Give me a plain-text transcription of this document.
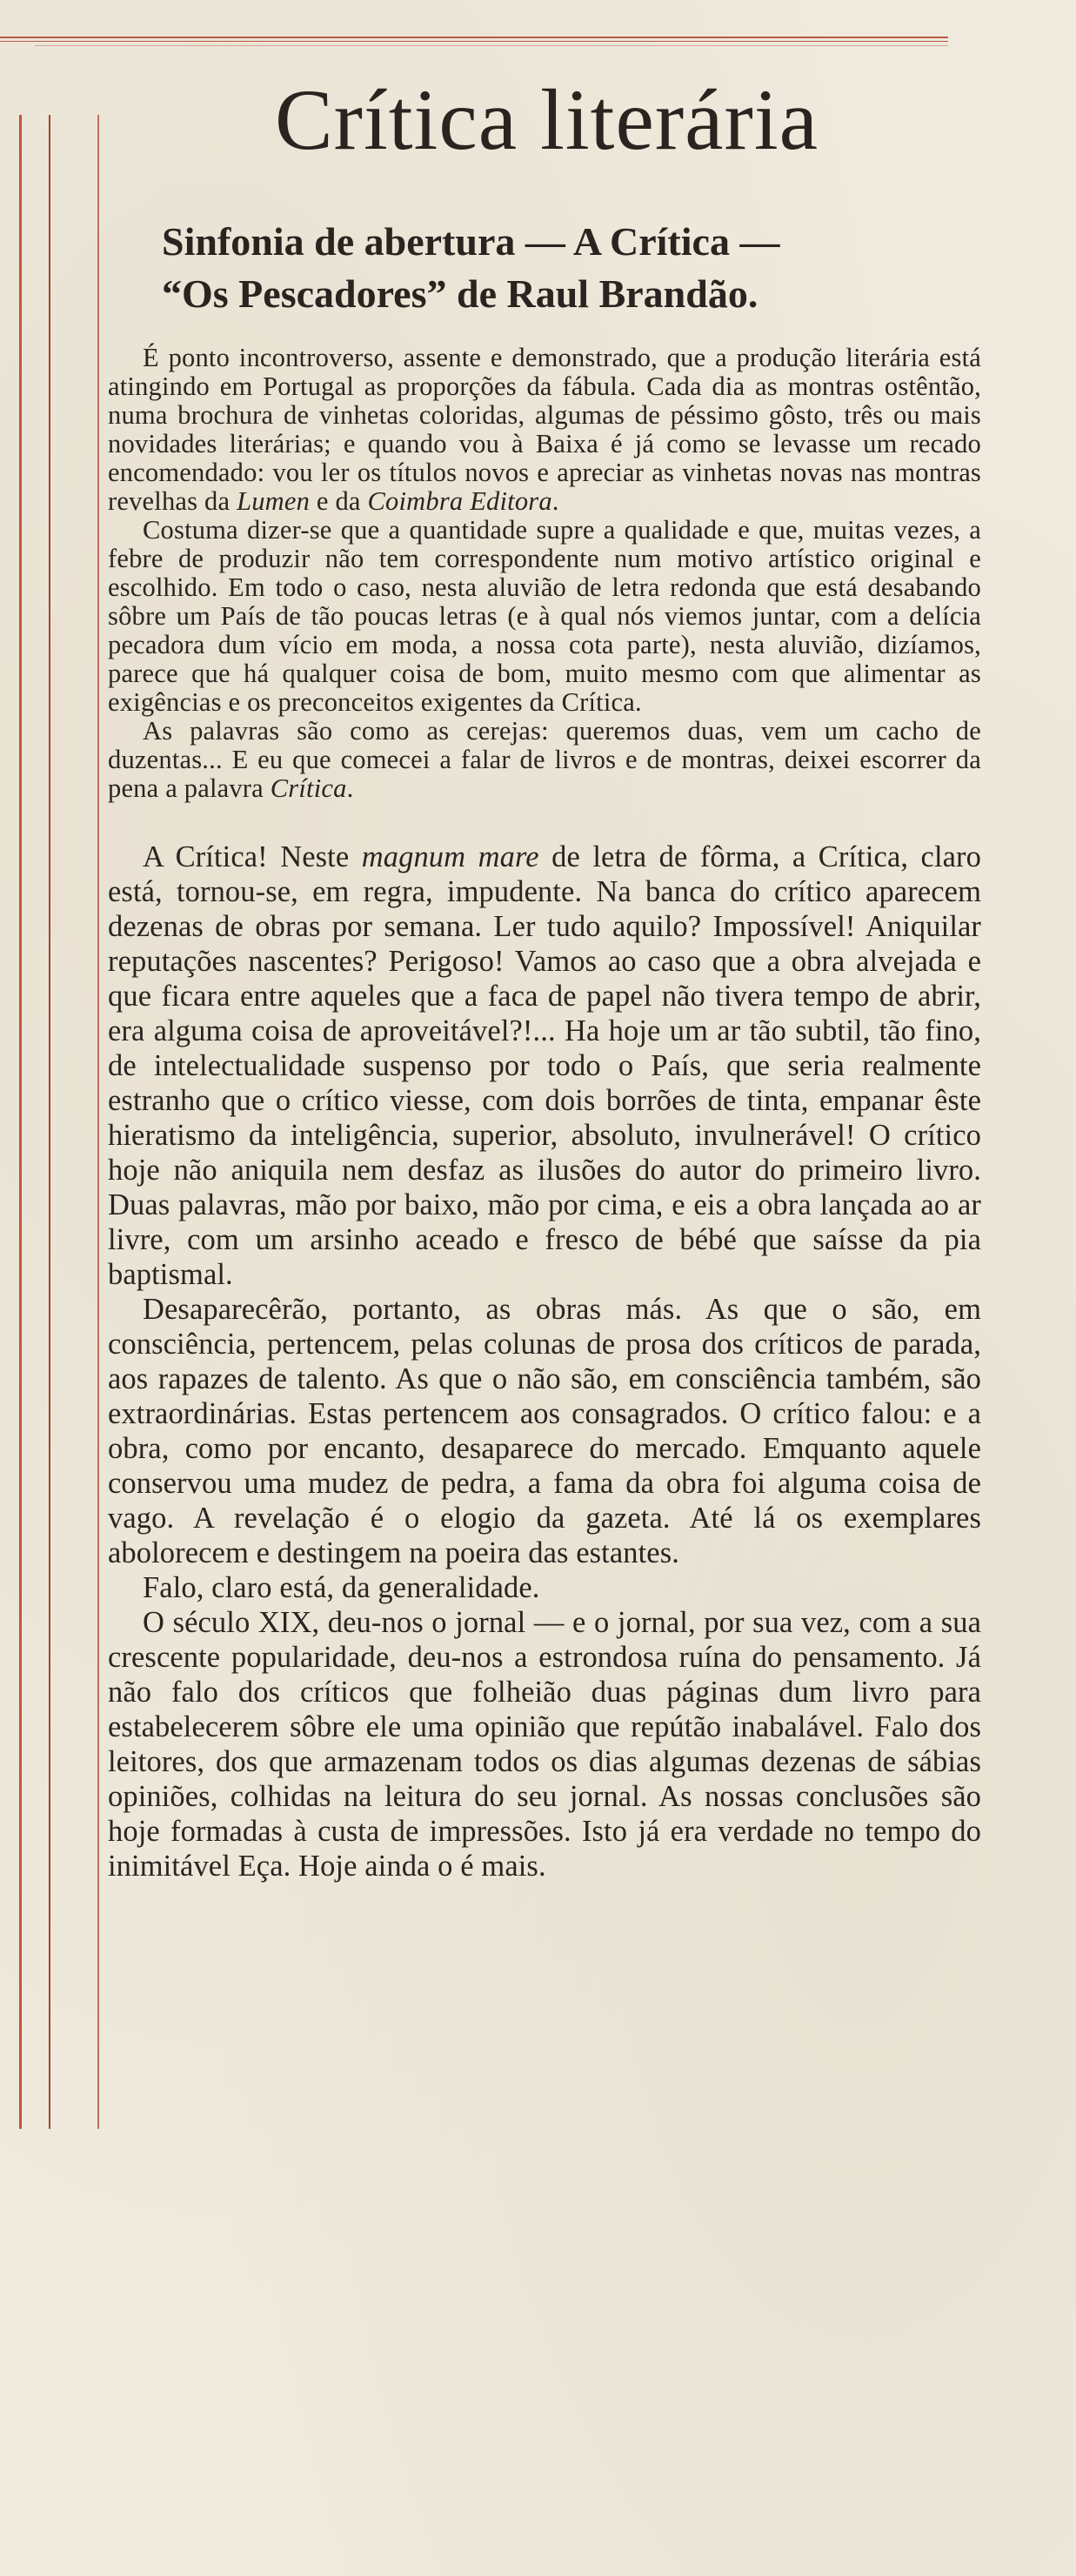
Crítica literária
Sinfonia de abertura — A Crítica —
“Os Pescadores” de Raul Brandão.

É ponto incontroverso, assente e demonstrado, que a produção literária está atingindo em Portugal as proporções da fábula. Cada dia as montras ostêntão, numa brochura de vinhetas coloridas, algumas de péssimo gôsto, três ou mais novidades literárias; e quando vou à Baixa é já como se levasse um recado encomendado: vou ler os títulos novos e apreciar as vinhetas novas nas montras revelhas da Lumen e da Coimbra Editora.

Costuma dizer-se que a quantidade supre a qualidade e que, muitas vezes, a febre de produzir não tem correspondente num motivo artístico original e escolhido. Em todo o caso, nesta aluvião de letra redonda que está desabando sôbre um País de tão poucas letras (e à qual nós viemos juntar, com a delícia pecadora dum vício em moda, a nossa cota parte), nesta aluvião, dizíamos, parece que há qualquer coisa de bom, muito mesmo com que alimentar as exigências e os preconceitos exigentes da Crítica.

As palavras são como as cerejas: queremos duas, vem um cacho de duzentas... E eu que comecei a falar de livros e de montras, deixei escorrer da pena a palavra Crítica.

A Crítica! Neste magnum mare de letra de fôrma, a Crítica, claro está, tornou-se, em regra, impudente. Na banca do crítico aparecem dezenas de obras por semana. Ler tudo aquilo? Impossível! Aniquilar reputações nascentes? Perigoso! Vamos ao caso que a obra alvejada e que ficara entre aqueles que a faca de papel não tivera tempo de abrir, era alguma coisa de aproveitável?!... Ha hoje um ar tão subtil, tão fino, de intelectualidade suspenso por todo o País, que seria realmente estranho que o crítico viesse, com dois borrões de tinta, empanar êste hieratismo da inteligência, superior, absoluto, invulnerável! O crítico hoje não aniquila nem desfaz as ilusões do autor do primeiro livro. Duas palavras, mão por baixo, mão por cima, e eis a obra lançada ao ar livre, com um arsinho aceado e fresco de bébé que saísse da pia baptismal.

Desaparecêrão, portanto, as obras más. As que o são, em consciência, pertencem, pelas colunas de prosa dos críticos de parada, aos rapazes de talento. As que o não são, em consciência também, são extraordinárias. Estas pertencem aos consagrados. O crítico falou: e a obra, como por encanto, desaparece do mercado. Emquanto aquele conservou uma mudez de pedra, a fama da obra foi alguma coisa de vago. A revelação é o elogio da gazeta. Até lá os exemplares abolorecem e destingem na poeira das estantes.

Falo, claro está, da generalidade.

O século XIX, deu-nos o jornal — e o jornal, por sua vez, com a sua crescente popularidade, deu-nos a estrondosa ruína do pensamento. Já não falo dos críticos que folheião duas páginas dum livro para estabelecerem sôbre ele uma opinião que repútão inabalável. Falo dos leitores, dos que armazenam todos os dias algumas dezenas de sábias opiniões, colhidas na leitura do seu jornal. As nossas conclusões são hoje formadas à custa de impressões. Isto já era verdade no tempo do inimitável Eça. Hoje ainda o é mais.
